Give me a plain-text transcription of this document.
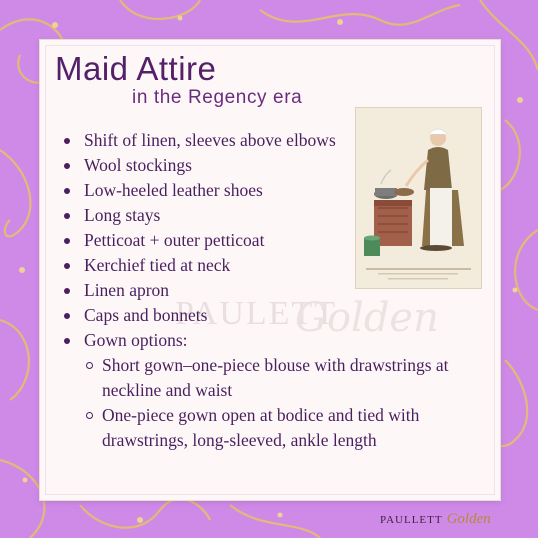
PAULETT
Golden
Maid Attire
in the Regency era
Shift of linen, sleeves above elbows
Wool stockings
Low-heeled leather shoes
Long stays
Petticoat + outer petticoat
Kerchief tied at neck
Linen apron
Caps and bonnets
Gown options:
Short gown–one-piece blouse with drawstrings at neckline and waist
One-piece gown open at bodice and tied with drawstrings, long-sleeved, ankle length
PAULLETT Golden
